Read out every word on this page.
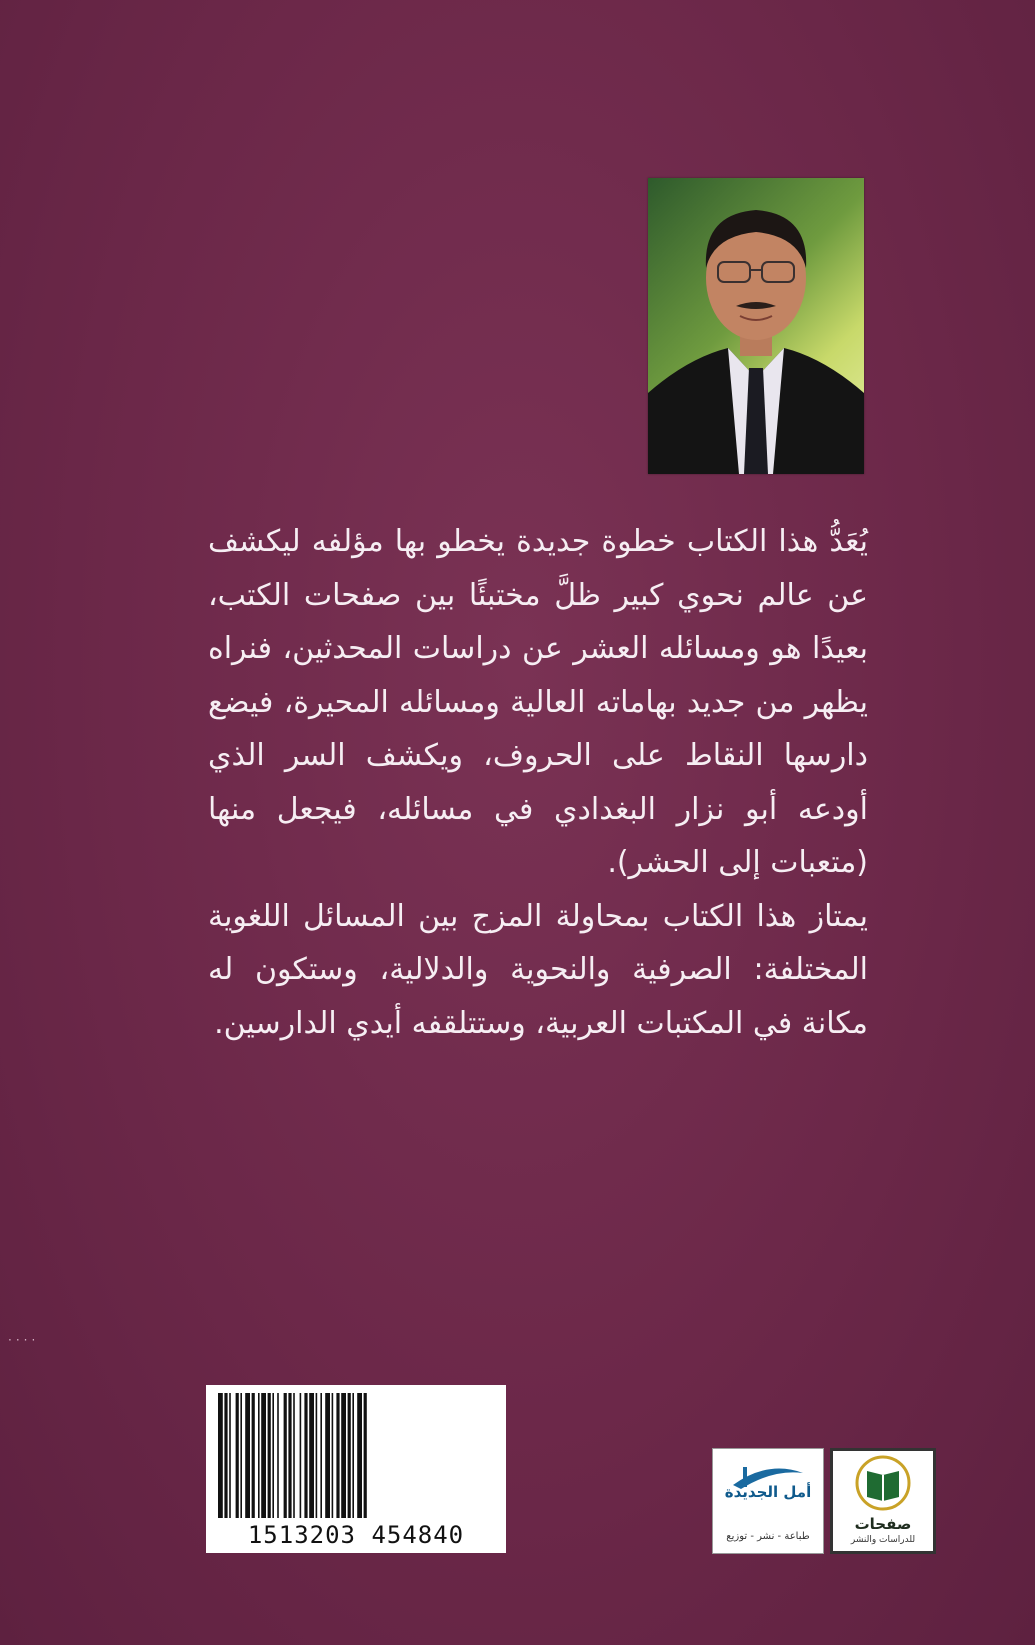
يُعَدُّ هذا الكتاب خطوة جديدة يخطو بها مؤلفه ليكشف عن عالم نحوي كبير ظلَّ مختبئًا بين صفحات الكتب، بعيدًا هو ومسائله العشر عن دراسات المحدثين، فنراه يظهر من جديد بهاماته العالية ومسائله المحيرة، فيضع دارسها النقاط على الحروف، ويكشف السر الذي أودعه أبو نزار البغدادي في مسائله، فيجعل منها (متعبات إلى الحشر).

يمتاز هذا الكتاب بمحاولة المزج بين المسائل اللغوية المختلفة: الصرفية والنحوية والدلالية، وستكون له مكانة في المكتبات العربية، وستتلقفه أيدي الدارسين.

⋅⋅⋅⋅
1513203 454840
أمل الجديدة
طباعة - نشر - توزيع
صفحات
للدراسات والنشر
